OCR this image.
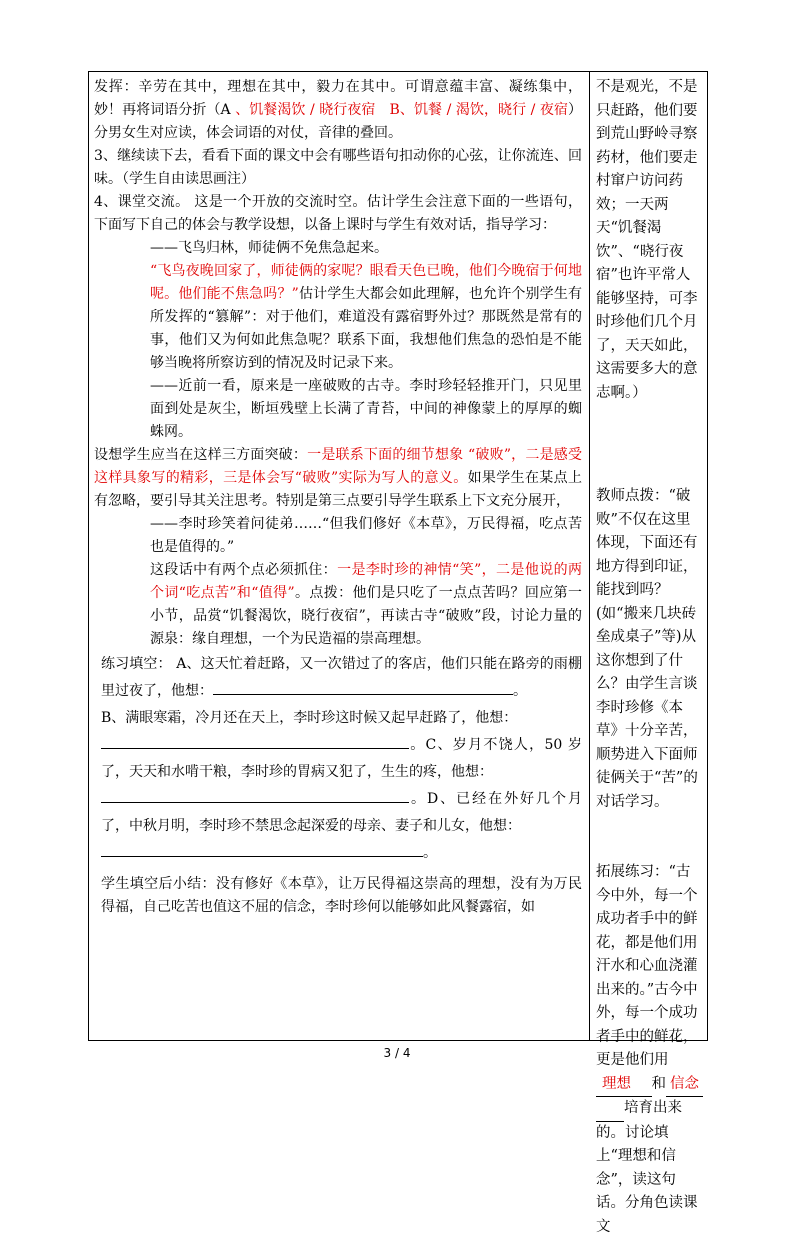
发挥：辛劳在其中，理想在其中，毅力在其中。可谓意蕴丰富、凝练集中，妙！再将词语分折（A 、饥餐渴饮 / 晓行夜宿　B、饥餐 / 渴饮，晓行 / 夜宿）分男女生对应读，体会词语的对仗，音律的叠回。

3、继续读下去，看看下面的课文中会有哪些语句扣动你的心弦，让你流连、回味。（学生自由读思画注）

4、课堂交流。 这是一个开放的交流时空。估计学生会注意下面的一些语句，下面写下自己的体会与教学设想，以备上课时与学生有效对话，指导学习：

——飞鸟归林，师徒俩不免焦急起来。

“飞鸟夜晚回家了，师徒俩的家呢？眼看天色已晚，他们今晚宿于何地呢。他们能不焦急吗？”估计学生大都会如此理解，也允许个别学生有所发挥的“篡解”：对于他们，难道没有露宿野外过？那既然是常有的事，他们又为何如此焦急呢？联系下面，我想他们焦急的恐怕是不能够当晚将所察访到的情况及时记录下来。

——近前一看，原来是一座破败的古寺。李时珍轻轻推开门，只见里面到处是灰尘，断垣残壁上长满了青苔，中间的神像蒙上的厚厚的蜘蛛网。

设想学生应当在这样三方面突破：一是联系下面的细节想象 “破败”，二是感受这样具象写的精彩，三是体会写“破败”实际为写人的意义。如果学生在某点上有忽略，要引导其关注思考。特别是第三点要引导学生联系上下文充分展开，

——李时珍笑着问徒弟……“但我们修好《本草》，万民得福，吃点苦也是值得的。”

这段话中有两个点必须抓住：一是李时珍的神情“笑”，二是他说的两个词“吃点苦”和“值得”。点拨：他们是只吃了一点点苦吗？回应第一小节，品赏“饥餐渴饮，晓行夜宿”，再读古寺“破败”段，讨论力量的源泉：缘自理想，一个为民造福的崇高理想。

练习填空： A、这天忙着赶路，又一次错过了的客店，他们只能在路旁的雨棚里过夜了，他想：	。
B、满眼寒霜，冷月还在天上，李时珍这时候又起早赶路了，他想：
。C、岁月不饶人，50 岁了，天天和水啃干粮，李时珍的胃病又犯了，生生的疼，他想：
。D、已经在外好几个月了，中秋月明，李时珍不禁思念起深爱的母亲、妻子和儿女，他想：
。

学生填空后小结：没有修好《本草》，让万民得福这崇高的理想，没有为万民得福，自己吃苦也值这不屈的信念，李时珍何以能够如此风餐露宿，如

不是观光，不是只赶路，他们要到荒山野岭寻察药材，他们要走村窜户访问药效；一天两天“饥餐渴饮”、“晓行夜宿”也许平常人能够坚持，可李时珍他们几个月了，天天如此，这需要多大的意志啊。）

教师点拨：“破败”不仅在这里体现，下面还有地方得到印证，能找到吗？(如“搬来几块砖垒成桌子”等)从这你想到了什么？由学生言谈李时珍修《本草》十分辛苦，顺势进入下面师徒俩关于“苦”的对话学习。

拓展练习：“古今中外，每一个成功者手中的鲜花，都是他们用汗水和心血浇灌出来的。”古今中外，每一个成功者手中的鲜花，更是他们用理想　 和 信念
培育出来的。讨论填上“理想和信念”，读这句话。分角色读课文

3 / 4
